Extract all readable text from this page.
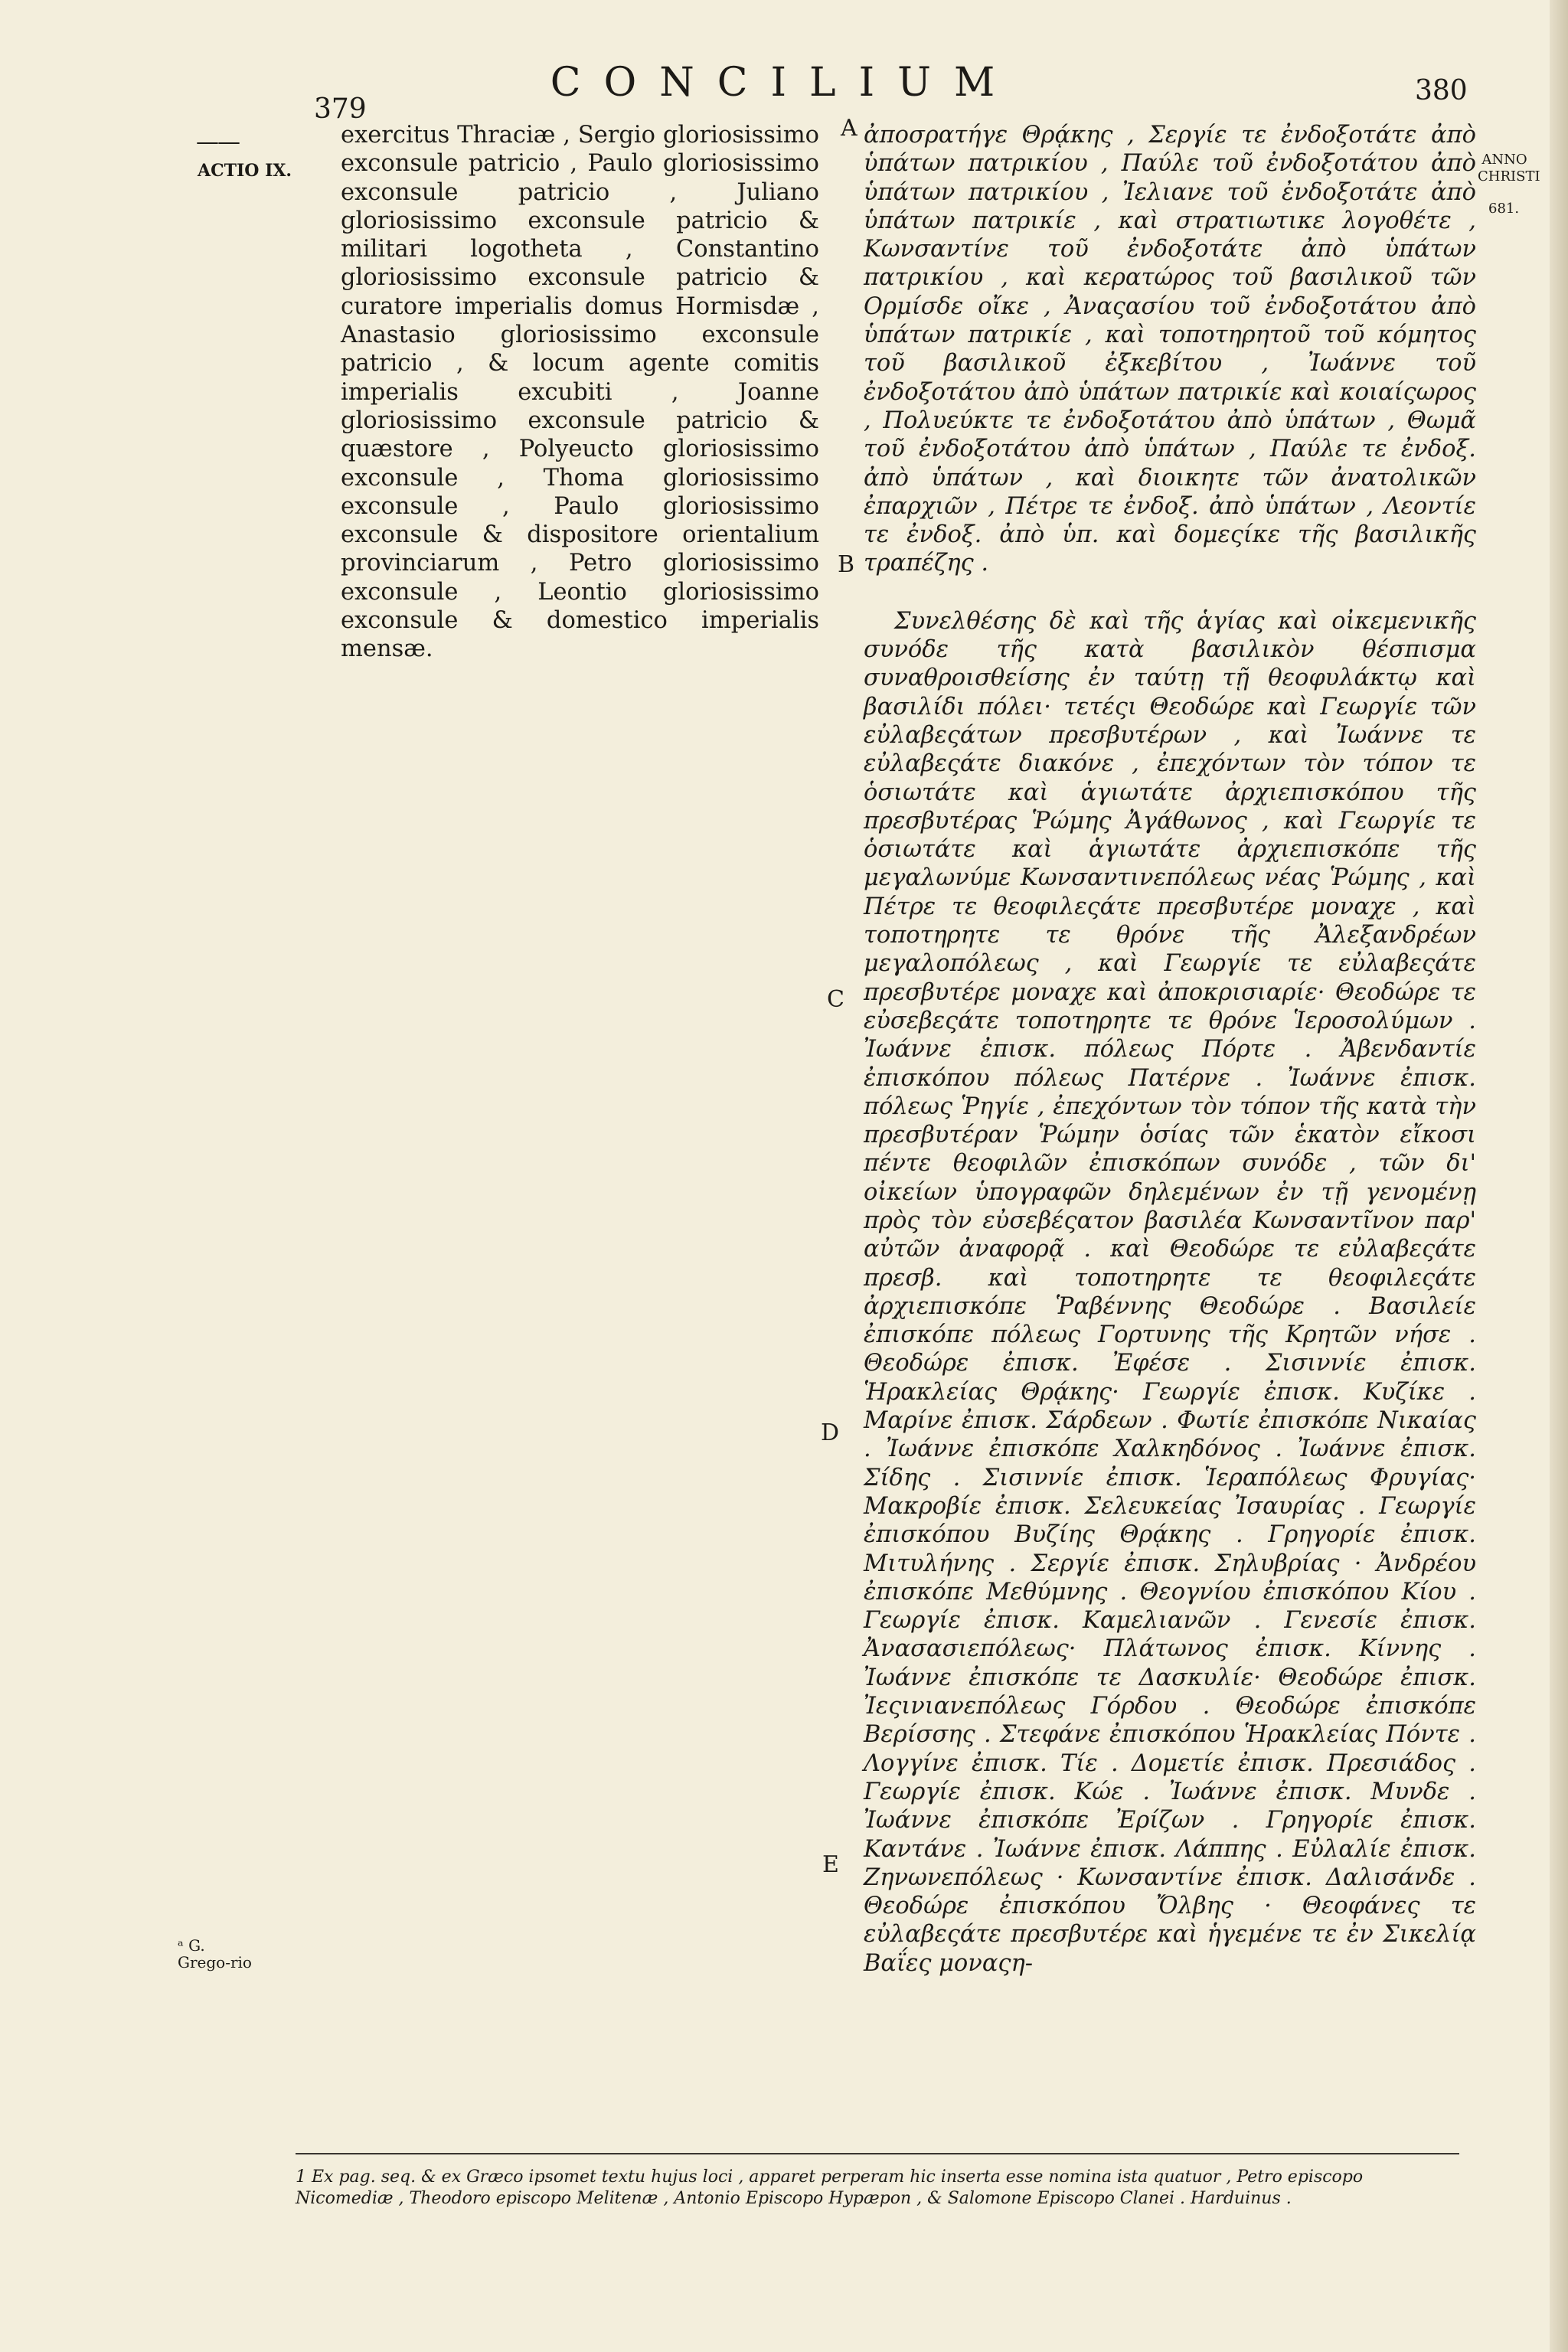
379
CONCILIUM	380
——
ACTIO IX.
ANNO CHRISTI
681.
ᵃ G. Grego-rio
A
B
C
D
E

exercitus Thraciæ , Sergio gloriosissimo exconsule patricio , Paulo gloriosissimo exconsule patricio , Juliano gloriosissimo exconsule patricio & militari logotheta , Constantino gloriosissimo exconsule patricio & curatore imperialis domus Hormisdæ , Anastasio gloriosissimo exconsule patricio , & locum agente comitis imperialis excubiti , Joanne gloriosissimo exconsule patricio & quæstore , Polyeucto gloriosissimo exconsule , Thoma gloriosissimo exconsule , Paulo gloriosissimo exconsule & dispositore orientalium provinciarum , Petro gloriosissimo exconsule , Leontio gloriosissimo exconsule & domestico imperialis mensæ.

ἀποσρατήγε Θρᾴκης , Σεργίε τε ἐνδοξοτάτε ἀπὸ ὑπάτων πατρικίου , Παύλε τοῦ ἐνδοξοτάτου ἀπὸ ὑπάτων πατρικίου , Ἰελιανε τοῦ ἐνδοξοτάτε ἀπὸ ὑπάτων πατρικίε , καὶ στρατιωτικε λογοθέτε , Κωνσαντίνε τοῦ ἐνδοξοτάτε ἀπὸ ὑπάτων πατρικίου , καὶ κερατώρος τοῦ βασιλικοῦ τῶν Ορμίσδε οἴκε , Ἀναςασίου τοῦ ἐνδοξοτάτου ἀπὸ ὑπάτων πατρικίε , καὶ τοποτηρητοῦ τοῦ κόμητος τοῦ βασιλικοῦ ἐξκεβίτου , Ἰωάννε τοῦ ἐνδοξοτάτου ἀπὸ ὑπάτων πατρικίε καὶ κοιαίςωρος , Πολυεύκτε τε ἐνδοξοτάτου ἀπὸ ὑπάτων , Θωμᾶ τοῦ ἐνδοξοτάτου ἀπὸ ὑπάτων , Παύλε τε ἐνδοξ. ἀπὸ ὑπάτων , καὶ διοικητε τῶν ἀνατολικῶν ἐπαρχιῶν , Πέτρε τε ἐνδοξ. ἀπὸ ὑπάτων , Λεοντίε τε ἐνδοξ. ἀπὸ ὑπ. καὶ δομεςίκε τῆς βασιλικῆς τραπέζης .

Συνελθέσης δὲ καὶ τῆς ἁγίας καὶ οἰκεμενικῆς συνόδε τῆς κατὰ βασιλικὸν θέσπισμα συναθροισθείσης ἐν ταύτῃ τῇ θεοφυλάκτῳ καὶ βασιλίδι πόλει· τετέςι Θεοδώρε καὶ Γεωργίε τῶν εὐλαβεςάτων πρεσβυτέρων , καὶ Ἰωάννε τε εὐλαβεςάτε διακόνε , ἐπεχόντων τὸν τόπον τε ὁσιωτάτε καὶ ἁγιωτάτε ἀρχιεπισκόπου τῆς πρεσβυτέρας Ῥώμης Ἀγάθωνος , καὶ Γεωργίε τε ὁσιωτάτε καὶ ἁγιωτάτε ἀρχιεπισκόπε τῆς μεγαλωνύμε Κωνσαντινεπόλεως νέας Ῥώμης , καὶ Πέτρε τε θεοφιλεςάτε πρεσβυτέρε μοναχε , καὶ τοποτηρητε τε θρόνε τῆς Ἀλεξανδρέων μεγαλοπόλεως , καὶ Γεωργίε τε εὐλαβεςάτε πρεσβυτέρε μοναχε καὶ ἀποκρισιαρίε· Θεοδώρε τε εὐσεβεςάτε τοποτηρητε τε θρόνε Ἱεροσολύμων . Ἰωάννε ἐπισκ. πόλεως Πόρτε . Ἀβενδαντίε ἐπισκόπου πόλεως Πατέρνε . Ἰωάννε ἐπισκ. πόλεως Ῥηγίε , ἐπεχόντων τὸν τόπον τῆς κατὰ τὴν πρεσβυτέραν Ῥώμην ὁσίας τῶν ἑκατὸν εἴκοσι πέντε θεοφιλῶν ἐπισκόπων συνόδε , τῶν δι' οἰκείων ὑπογραφῶν δηλεμένων ἐν τῇ γενομένῃ πρὸς τὸν εὐσεβέςατον βασιλέα Κωνσαντῖνον παρ' αὐτῶν ἀναφορᾷ . καὶ Θεοδώρε τε εὐλαβεςάτε πρεσβ. καὶ τοποτηρητε τε θεοφιλεςάτε ἀρχιεπισκόπε Ῥαβέννης Θεοδώρε . Βασιλείε ἐπισκόπε πόλεως Γορτυνης τῆς Κρητῶν νήσε . Θεοδώρε ἐπισκ. Ἐφέσε . Σισιννίε ἐπισκ. Ἡρακλείας Θρᾴκης· Γεωργίε ἐπισκ. Κυζίκε . Μαρίνε ἐπισκ. Σάρδεων . Φωτίε ἐπισκόπε Νικαίας . Ἰωάννε ἐπισκόπε Χαλκηδόνος . Ἰωάννε ἐπισκ. Σίδης . Σισιννίε ἐπισκ. Ἱεραπόλεως Φρυγίας· Μακροβίε ἐπισκ. Σελευκείας Ἰσαυρίας . Γεωργίε ἐπισκόπου Βυζίης Θρᾴκης . Γρηγορίε ἐπισκ. Μιτυλήνης . Σεργίε ἐπισκ. Σηλυβρίας · Ἀνδρέου ἐπισκόπε Μεθύμνης . Θεογνίου ἐπισκόπου Κίου . Γεωργίε ἐπισκ. Καμελιανῶν . Γενεσίε ἐπισκ. Ἀνασασιεπόλεως· Πλάτωνος ἐπισκ. Κίννης . Ἰωάννε ἐπισκόπε τε Δασκυλίε· Θεοδώρε ἐπισκ. Ἰεςινιανεπόλεως Γόρδου . Θεοδώρε ἐπισκόπε Βερίσσης . Στεφάνε ἐπισκόπου Ἡρακλείας Πόντε . Λογγίνε ἐπισκ. Τίε . Δομετίε ἐπισκ. Πρεσιάδος . Γεωργίε ἐπισκ. Κώε . Ἰωάννε ἐπισκ. Μυνδε . Ἰωάννε ἐπισκόπε Ἐρίζων . Γρηγορίε ἐπισκ. Καντάνε . Ἰωάννε ἐπισκ. Λάππης . Εὐλαλίε ἐπισκ. Ζηνωνεπόλεως · Κωνσαντίνε ἐπισκ. Δαλισάνδε . Θεοδώρε ἐπισκόπου Ὄλβης · Θεοφάνες τε εὐλαβεςάτε πρεσβυτέρε καὶ ἡγεμένε τε ἐν Σικελίᾳ Βαΐες μοναςη-

1 Ex pag. seq. & ex Græco ipsomet textu hujus loci , apparet perperam hic inserta esse nomina ista quatuor , Petro episcopo Nicomediæ , Theodoro episcopo Melitenæ , Antonio Episcopo Hypæpon , & Salomone Episcopo Clanei . Harduinus .
